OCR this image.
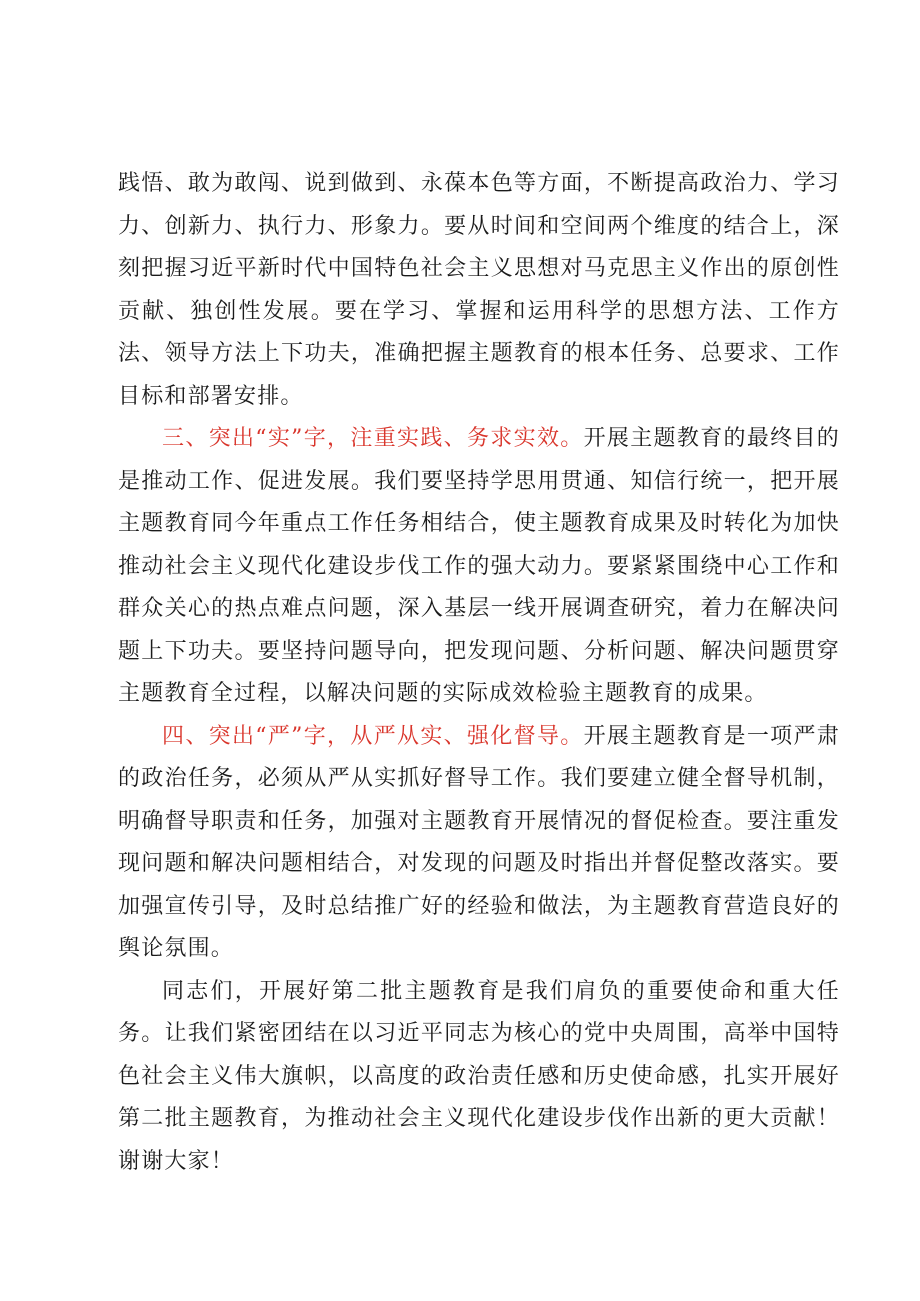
践悟、敢为敢闯、说到做到、永葆本色等方面，不断提高政治力、学习力、创新力、执行力、形象力。要从时间和空间两个维度的结合上，深刻把握习近平新时代中国特色社会主义思想对马克思主义作出的原创性贡献、独创性发展。要在学习、掌握和运用科学的思想方法、工作方法、领导方法上下功夫，准确把握主题教育的根本任务、总要求、工作目标和部署安排。

三、突出“实”字，注重实践、务求实效。开展主题教育的最终目的是推动工作、促进发展。我们要坚持学思用贯通、知信行统一，把开展主题教育同今年重点工作任务相结合，使主题教育成果及时转化为加快推动社会主义现代化建设步伐工作的强大动力。要紧紧围绕中心工作和群众关心的热点难点问题，深入基层一线开展调查研究，着力在解决问题上下功夫。要坚持问题导向，把发现问题、分析问题、解决问题贯穿主题教育全过程，以解决问题的实际成效检验主题教育的成果。

四、突出“严”字，从严从实、强化督导。开展主题教育是一项严肃的政治任务，必须从严从实抓好督导工作。我们要建立健全督导机制，明确督导职责和任务，加强对主题教育开展情况的督促检查。要注重发现问题和解决问题相结合，对发现的问题及时指出并督促整改落实。要加强宣传引导，及时总结推广好的经验和做法，为主题教育营造良好的舆论氛围。

同志们，开展好第二批主题教育是我们肩负的重要使命和重大任务。让我们紧密团结在以习近平同志为核心的党中央周围，高举中国特色社会主义伟大旗帜，以高度的政治责任感和历史使命感，扎实开展好第二批主题教育，为推动社会主义现代化建设步伐作出新的更大贡献！谢谢大家！
